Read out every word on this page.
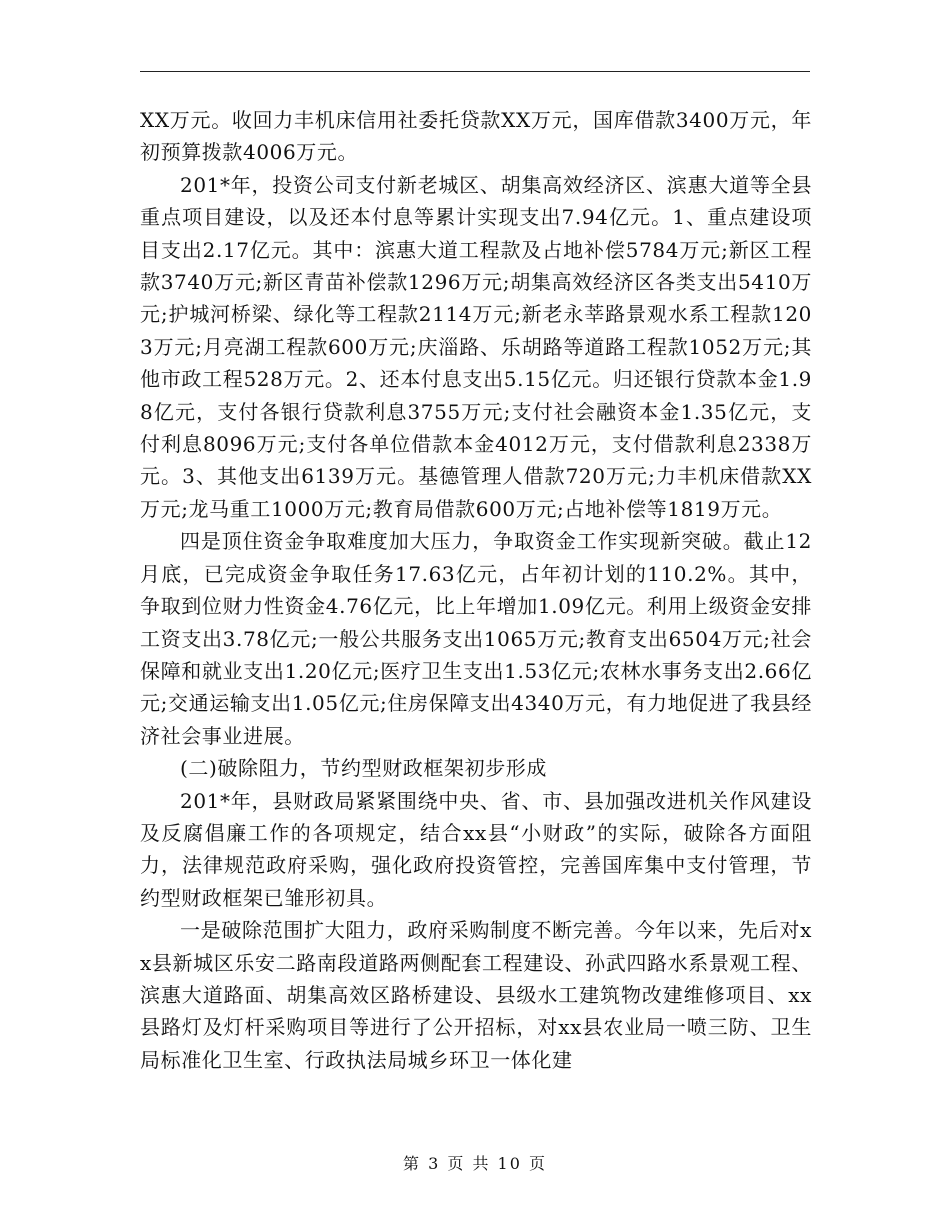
XX万元。收回力丰机床信用社委托贷款XX万元，国库借款3400万元，年初预算拨款4006万元。

201*年，投资公司支付新老城区、胡集高效经济区、滨惠大道等全县重点项目建设，以及还本付息等累计实现支出7.94亿元。1、重点建设项目支出2.17亿元。其中：滨惠大道工程款及占地补偿5784万元;新区工程款3740万元;新区青苗补偿款1296万元;胡集高效经济区各类支出5410万元;护城河桥梁、绿化等工程款2114万元;新老永莘路景观水系工程款1203万元;月亮湖工程款600万元;庆淄路、乐胡路等道路工程款1052万元;其他市政工程528万元。2、还本付息支出5.15亿元。归还银行贷款本金1.98亿元，支付各银行贷款利息3755万元;支付社会融资本金1.35亿元，支付利息8096万元;支付各单位借款本金4012万元，支付借款利息2338万元。3、其他支出6139万元。基德管理人借款720万元;力丰机床借款XX万元;龙马重工1000万元;教育局借款600万元;占地补偿等1819万元。

四是顶住资金争取难度加大压力，争取资金工作实现新突破。截止12月底，已完成资金争取任务17.63亿元，占年初计划的110.2%。其中，争取到位财力性资金4.76亿元，比上年增加1.09亿元。利用上级资金安排工资支出3.78亿元;一般公共服务支出1065万元;教育支出6504万元;社会保障和就业支出1.20亿元;医疗卫生支出1.53亿元;农林水事务支出2.66亿元;交通运输支出1.05亿元;住房保障支出4340万元，有力地促进了我县经济社会事业进展。

(二)破除阻力，节约型财政框架初步形成

201*年，县财政局紧紧围绕中央、省、市、县加强改进机关作风建设及反腐倡廉工作的各项规定，结合xx县“小财政”的实际，破除各方面阻力，法律规范政府采购，强化政府投资管控，完善国库集中支付管理，节约型财政框架已雏形初具。

一是破除范围扩大阻力，政府采购制度不断完善。今年以来，先后对xx县新城区乐安二路南段道路两侧配套工程建设、孙武四路水系景观工程、滨惠大道路面、胡集高效区路桥建设、县级水工建筑物改建维修项目、xx县路灯及灯杆采购项目等进行了公开招标，对xx县农业局一喷三防、卫生局标准化卫生室、行政执法局城乡环卫一体化建

第 3 页 共 10 页
